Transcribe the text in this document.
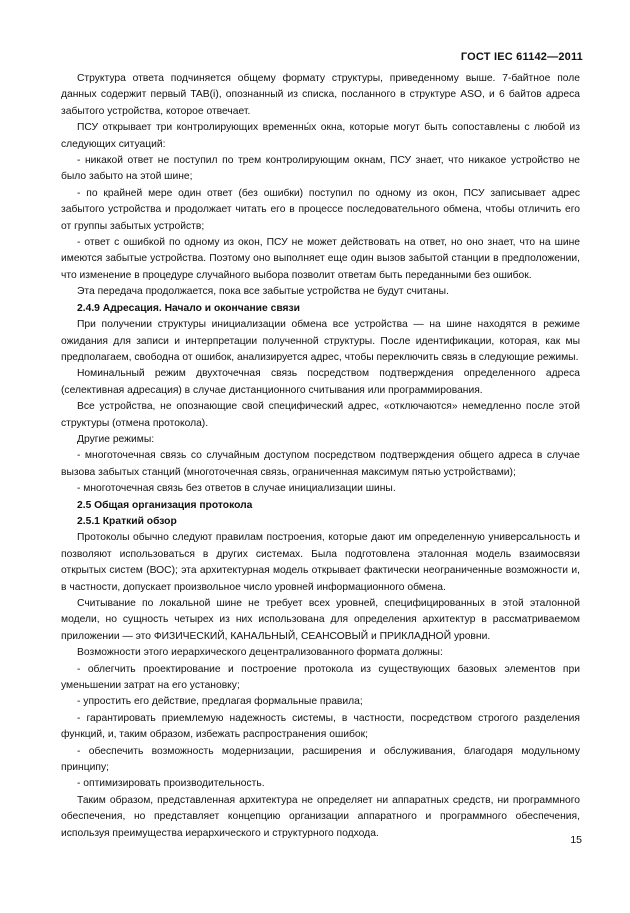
ГОСТ IEC 61142—2011

Структура ответа подчиняется общему формату структуры, приведенному выше. 7-байтное поле данных содержит первый TAB(i), опознанный из списка, посланного в структуре ASO, и 6 байтов адреса забытого устройства, которое отвечает.

ПСУ открывает три контролирующих временны́х окна, которые могут быть сопоставлены с любой из следующих ситуаций:

- никакой ответ не поступил по трем контролирующим окнам, ПСУ знает, что никакое устройство не было забыто на этой шине;

- по крайней мере один ответ (без ошибки) поступил по одному из окон, ПСУ записывает адрес забытого устройства и продолжает читать его в процессе последовательного обмена, чтобы отличить его от группы забытых устройств;

- ответ с ошибкой по одному из окон, ПСУ не может действовать на ответ, но оно знает, что на шине имеются забытые устройства. Поэтому оно выполняет еще один вызов забытой станции в предположении, что изменение в процедуре случайного выбора позволит ответам быть переданными без ошибок.

Эта передача продолжается, пока все забытые устройства не будут считаны.

2.4.9 Адресация. Начало и окончание связи

При получении структуры инициализации обмена все устройства — на шине находятся в режиме ожидания для записи и интерпретации полученной структуры. После идентификации, которая, как мы предполагаем, свободна от ошибок, анализируется адрес, чтобы переключить связь в следующие режимы.

Номинальный режим двухточечная связь посредством подтверждения определенного адреса (селективная адресация) в случае дистанционного считывания или программирования.

Все устройства, не опознающие свой специфический адрес, «отключаются» немедленно после этой структуры (отмена протокола).

Другие режимы:

- многоточечная связь со случайным доступом посредством подтверждения общего адреса в случае вызова забытых станций (многоточечная связь, ограниченная максимум пятью устройствами);

- многоточечная связь без ответов в случае инициализации шины.

2.5 Общая организация протокола

2.5.1 Краткий обзор

Протоколы обычно следуют правилам построения, которые дают им определенную универсальность и позволяют использоваться в других системах. Была подготовлена эталонная модель взаимосвязи открытых систем (ВОС); эта архитектурная модель открывает фактически неограниченные возможности и, в частности, допускает произвольное число уровней информационного обмена.

Считывание по локальной шине не требует всех уровней, специфицированных в этой эталонной модели, но сущность четырех из них использована для определения архитектур в рассматриваемом приложении — это ФИЗИЧЕСКИЙ, КАНАЛЬНЫЙ, СЕАНСОВЫЙ и ПРИКЛАДНОЙ уровни.

Возможности этого иерархического децентрализованного формата должны:

- облегчить проектирование и построение протокола из существующих базовых элементов при уменьшении затрат на его установку;

- упростить его действие, предлагая формальные правила;

- гарантировать приемлемую надежность системы, в частности, посредством строгого разделения функций, и, таким образом, избежать распространения ошибок;

- обеспечить возможность модернизации, расширения и обслуживания, благодаря модульному принципу;

- оптимизировать производительность.

Таким образом, представленная архитектура не определяет ни аппаратных средств, ни программного обеспечения, но представляет концепцию организации аппаратного и программного обеспечения, используя преимущества иерархического и структурного подхода.

15
